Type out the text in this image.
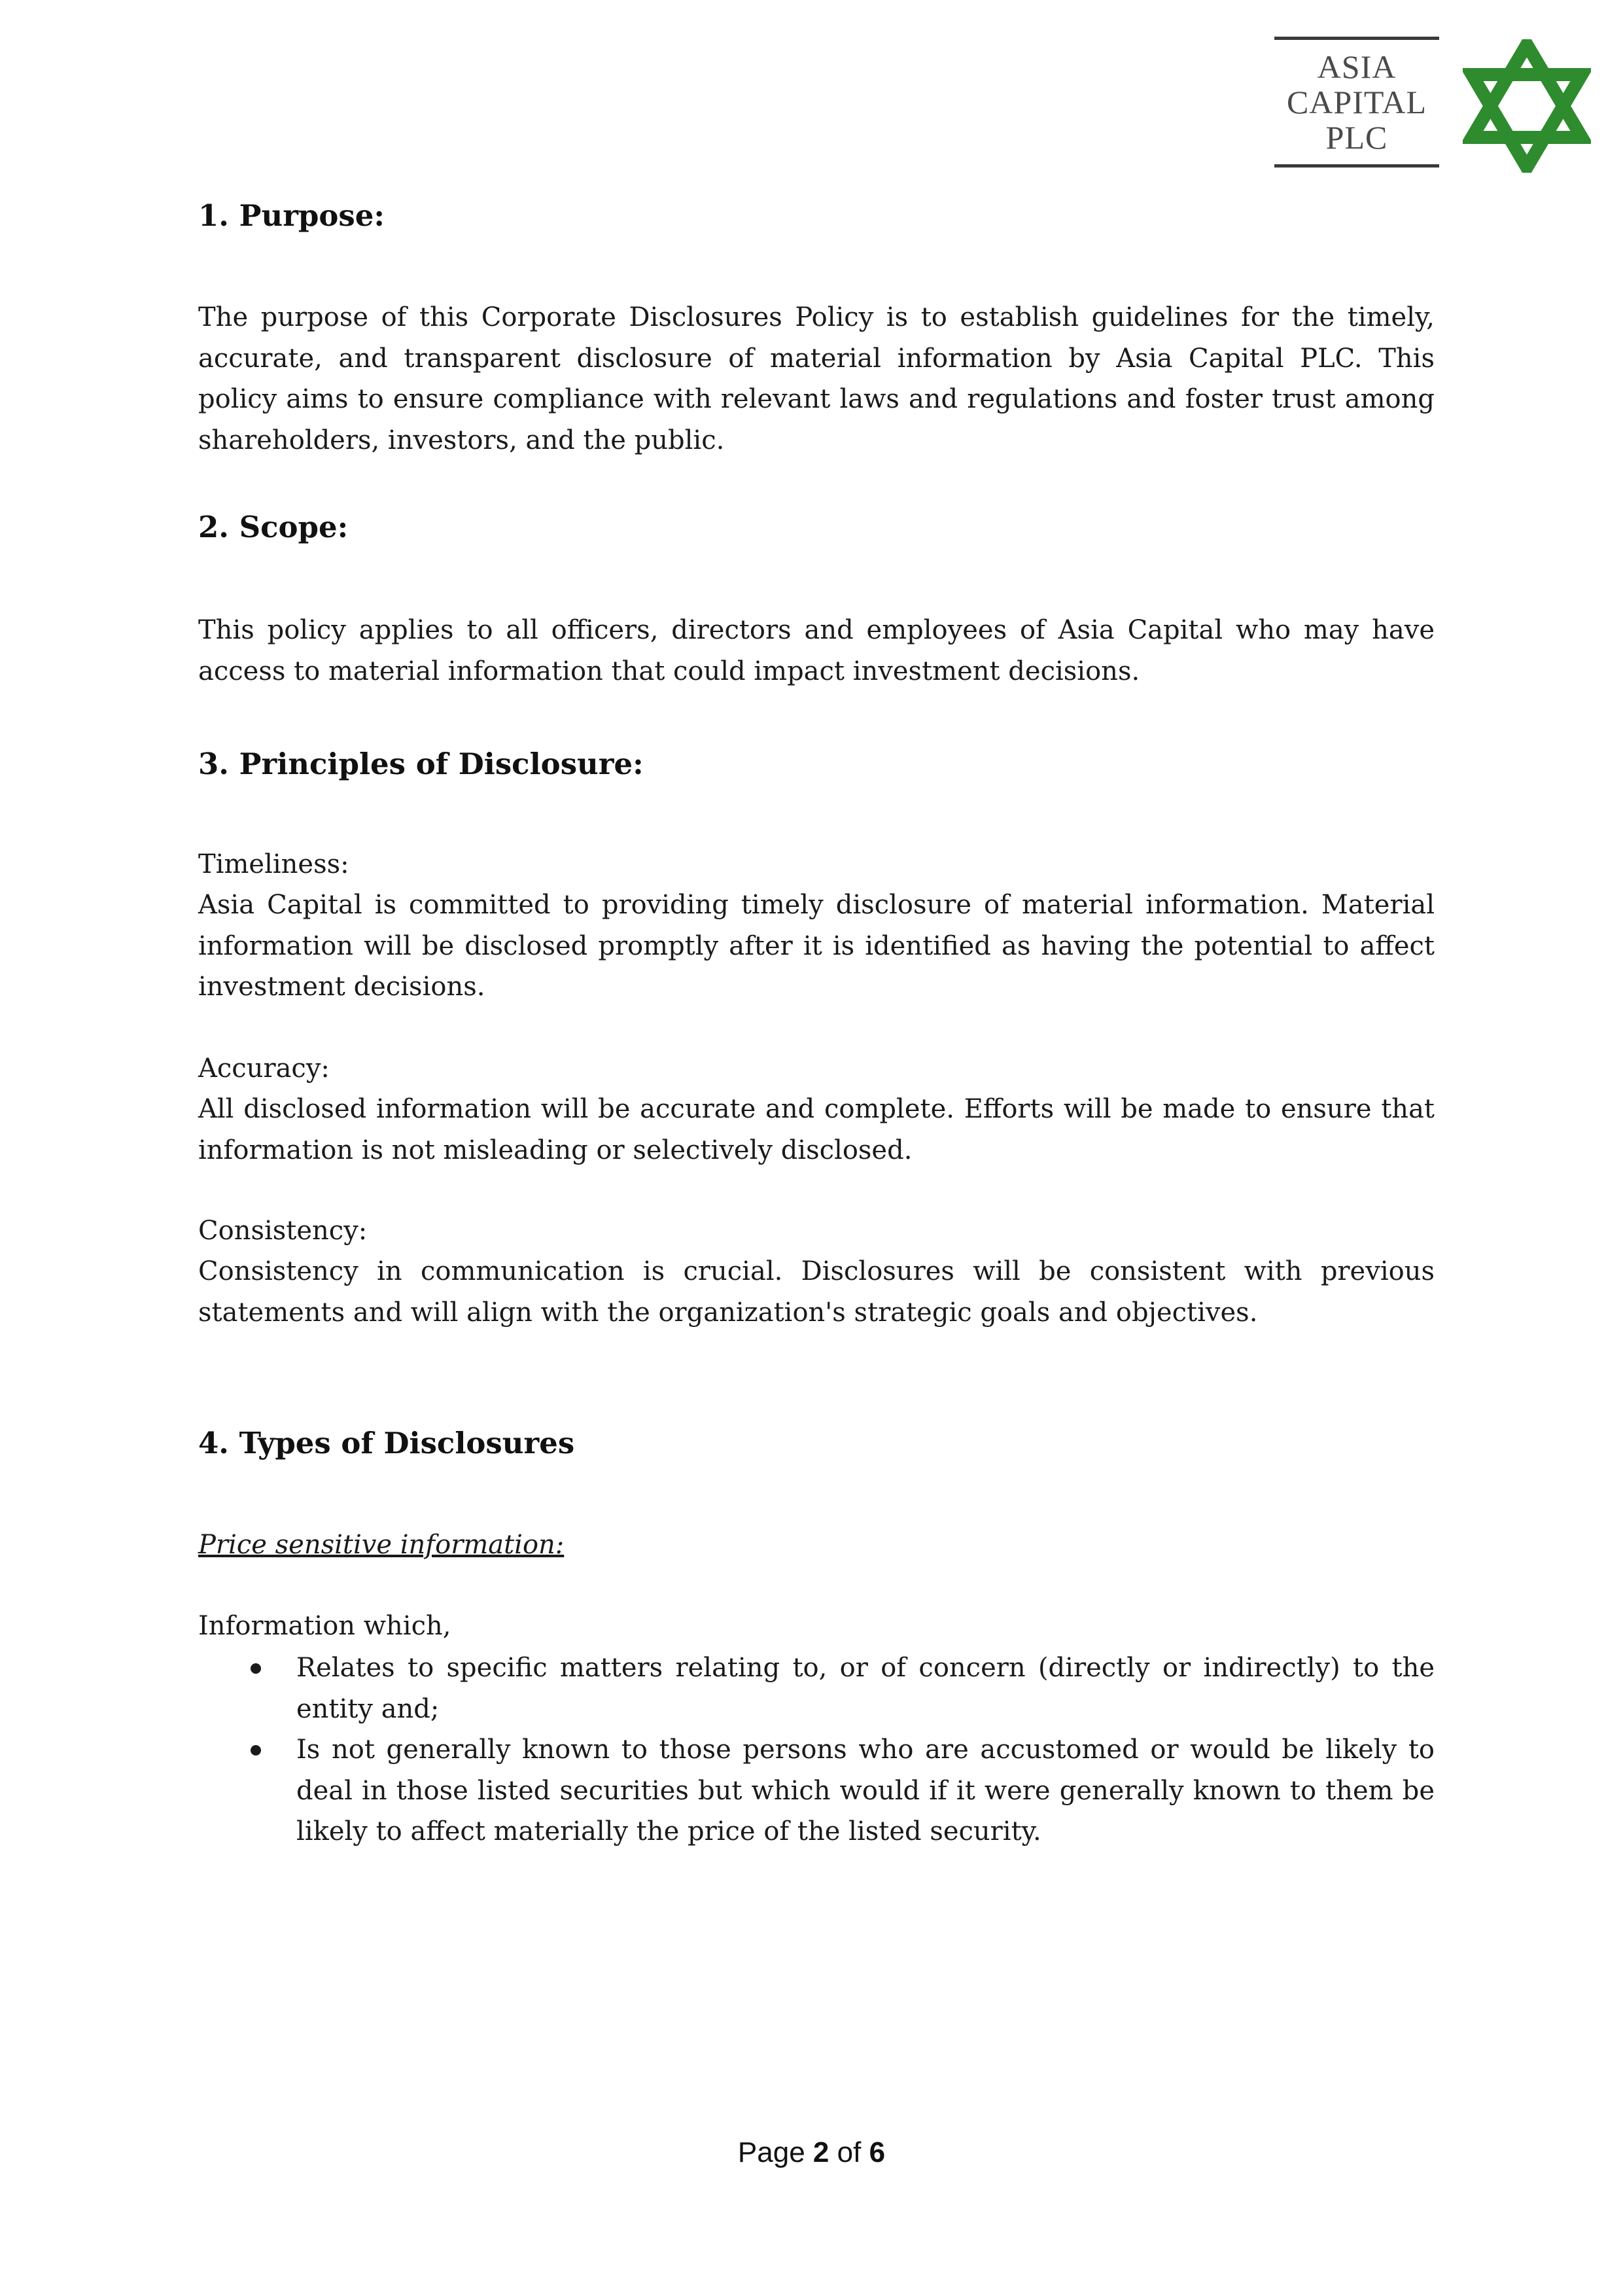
ASIA
CAPITAL
PLC
1. Purpose:

The purpose of this Corporate Disclosures Policy is to establish guidelines for the timely, accurate, and transparent disclosure of material information by Asia Capital PLC. This policy aims to ensure compliance with relevant laws and regulations and foster trust among shareholders, investors, and the public.

2. Scope:

This policy applies to all officers, directors and employees of Asia Capital who may have access to material information that could impact investment decisions.

3. Principles of Disclosure:

Timeliness:

Asia Capital is committed to providing timely disclosure of material information. Material information will be disclosed promptly after it is identified as having the potential to affect investment decisions.

Accuracy:

All disclosed information will be accurate and complete. Efforts will be made to ensure that information is not misleading or selectively disclosed.

Consistency:

Consistency in communication is crucial. Disclosures will be consistent with previous statements and will align with the organization's strategic goals and objectives.

4. Types of Disclosures

Price sensitive information:

Information which,

Relates to specific matters relating to, or of concern (directly or indirectly) to the entity and;
Is not generally known to those persons who are accustomed or would be likely to deal in those listed securities but which would if it were generally known to them be likely to affect materially the price of the listed security.
Page 2 of 6
